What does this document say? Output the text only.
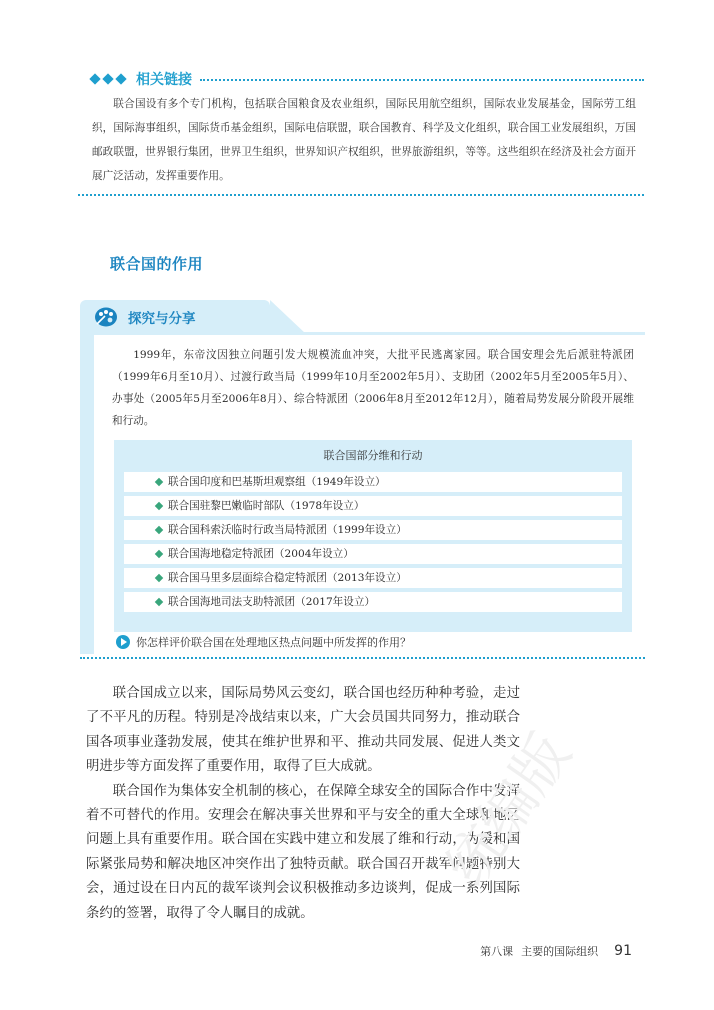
相关链接

联合国设有多个专门机构，包括联合国粮食及农业组织，国际民用航空组织，国际农业发展基金，国际劳工组织，国际海事组织，国际货币基金组织，国际电信联盟，联合国教育、科学及文化组织，联合国工业发展组织，万国邮政联盟，世界银行集团，世界卫生组织，世界知识产权组织，世界旅游组织，等等。这些组织在经济及社会方面开展广泛活动，发挥重要作用。

联合国的作用
探究与分享

1999年，东帝汶因独立问题引发大规模流血冲突，大批平民逃离家园。联合国安理会先后派驻特派团（1999年6月至10月）、过渡行政当局（1999年10月至2002年5月）、支助团（2002年5月至2005年5月）、办事处（2005年5月至2006年8月）、综合特派团（2006年8月至2012年12月），随着局势发展分阶段开展维和行动。

联合国部分维和行动
联合国印度和巴基斯坦观察组（1949年设立）
联合国驻黎巴嫩临时部队（1978年设立）
联合国科索沃临时行政当局特派团（1999年设立）
联合国海地稳定特派团（2004年设立）
联合国马里多层面综合稳定特派团（2013年设立）
联合国海地司法支助特派团（2017年设立）
你怎样评价联合国在处理地区热点问题中所发挥的作用？

联合国成立以来，国际局势风云变幻，联合国也经历种种考验，走过了不平凡的历程。特别是冷战结束以来，广大会员国共同努力，推动联合国各项事业蓬勃发展，使其在维护世界和平、推动共同发展、促进人类文明进步等方面发挥了重要作用，取得了巨大成就。

联合国作为集体安全机制的核心，在保障全球安全的国际合作中发挥着不可替代的作用。安理会在解决事关世界和平与安全的重大全球和地区问题上具有重要作用。联合国在实践中建立和发展了维和行动，为缓和国际紧张局势和解决地区冲突作出了独特贡献。联合国召开裁军问题特别大会，通过设在日内瓦的裁军谈判会议积极推动多边谈判，促成一系列国际条约的签署，取得了令人瞩目的成就。

统编版
第八课 主要的国际组织 91
